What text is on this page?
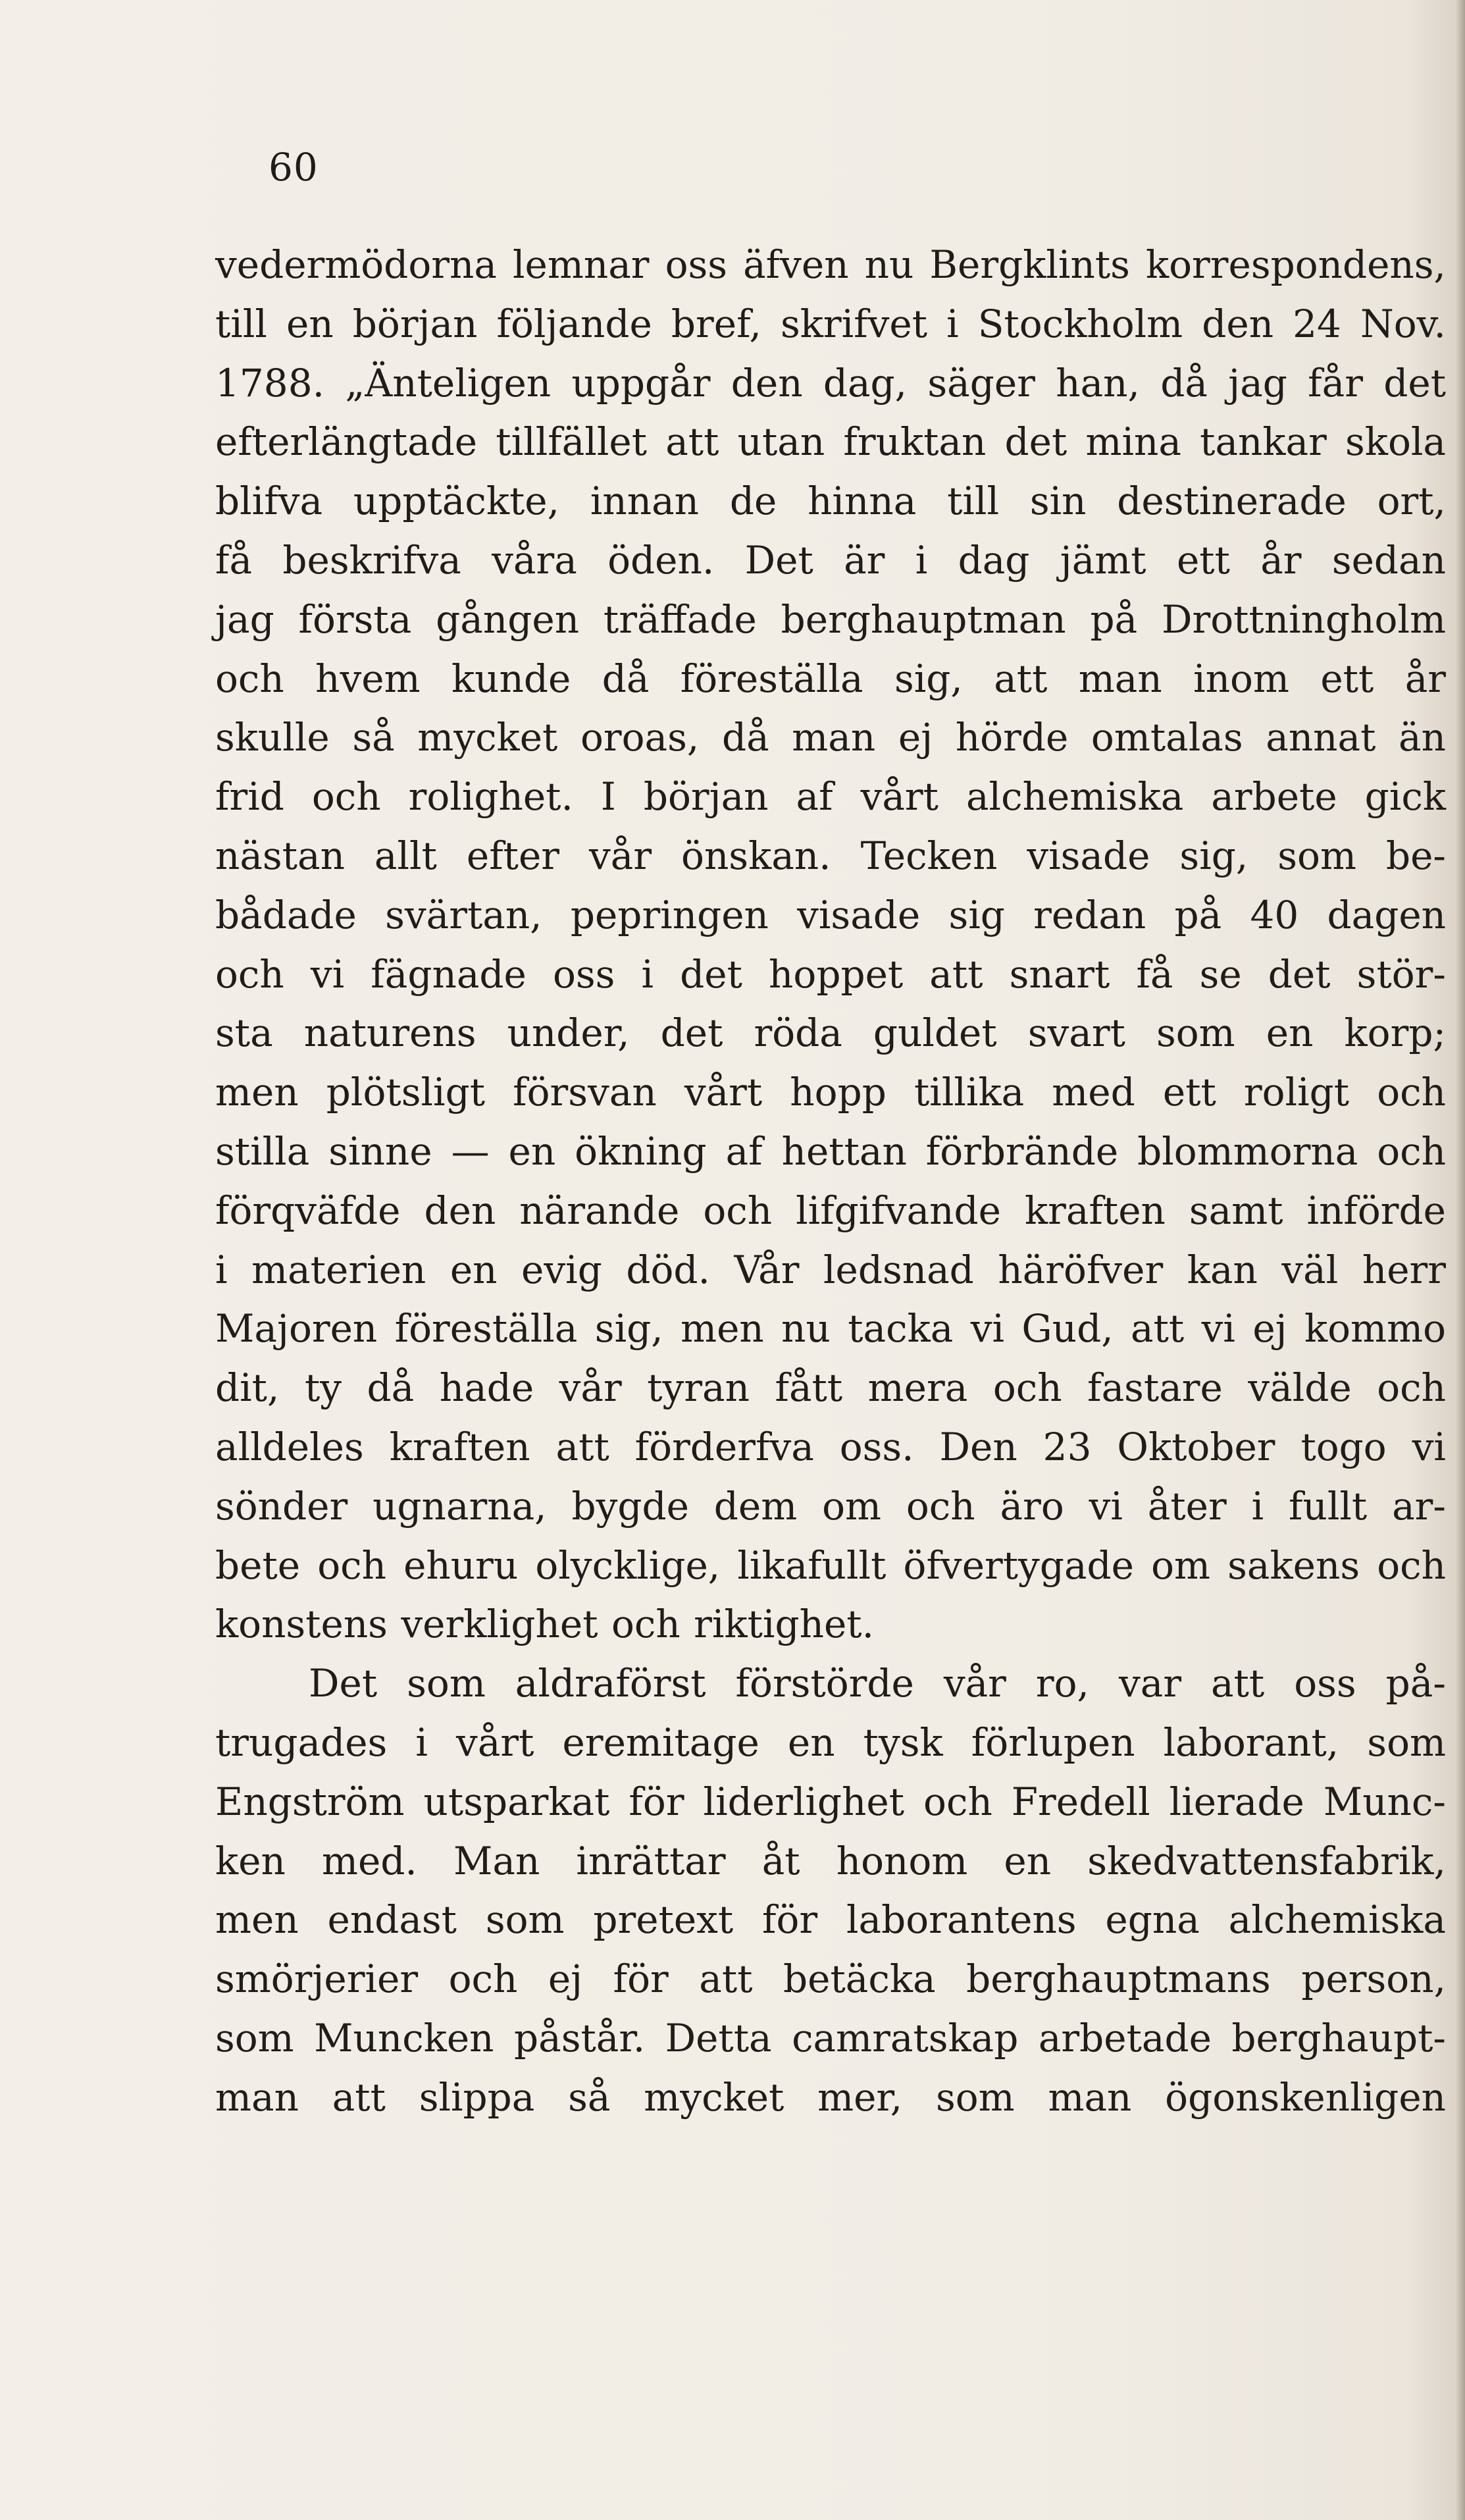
60
vedermödorna lemnar oss äfven nu Bergklints korrespondens,
till en början följande bref, skrifvet i Stockholm den 24 Nov.
1788. „Änteligen uppgår den dag, säger han, då jag får det
efterlängtade tillfället att utan fruktan det mina tankar skola
blifva upptäckte, innan de hinna till sin destinerade ort,
få beskrifva våra öden. Det är i dag jämt ett år sedan
jag första gången träffade berghauptman på Drottningholm
och hvem kunde då föreställa sig, att man inom ett år
skulle så mycket oroas, då man ej hörde omtalas annat än
frid och rolighet. I början af vårt alchemiska arbete gick
nästan allt efter vår önskan. Tecken visade sig, som be-
bådade svärtan, pepringen visade sig redan på 40 dagen
och vi fägnade oss i det hoppet att snart få se det stör-
sta naturens under, det röda guldet svart som en korp;
men plötsligt försvan vårt hopp tillika med ett roligt och
stilla sinne — en ökning af hettan förbrände blommorna och
förqväfde den närande och lifgifvande kraften samt införde
i materien en evig död. Vår ledsnad häröfver kan väl herr
Majoren föreställa sig, men nu tacka vi Gud, att vi ej kommo
dit, ty då hade vår tyran fått mera och fastare välde och
alldeles kraften att förderfva oss. Den 23 Oktober togo vi
sönder ugnarna, bygde dem om och äro vi åter i fullt ar-
bete och ehuru olycklige, likafullt öfvertygade om sakens och
konstens verklighet och riktighet.
Det som aldraförst förstörde vår ro, var att oss på-
trugades i vårt eremitage en tysk förlupen laborant, som
Engström utsparkat för liderlighet och Fredell lierade Munc-
ken med. Man inrättar åt honom en skedvattensfabrik,
men endast som pretext för laborantens egna alchemiska
smörjerier och ej för att betäcka berghauptmans person,
som Muncken påstår. Detta camratskap arbetade berghaupt-
man att slippa så mycket mer, som man ögonskenligen
